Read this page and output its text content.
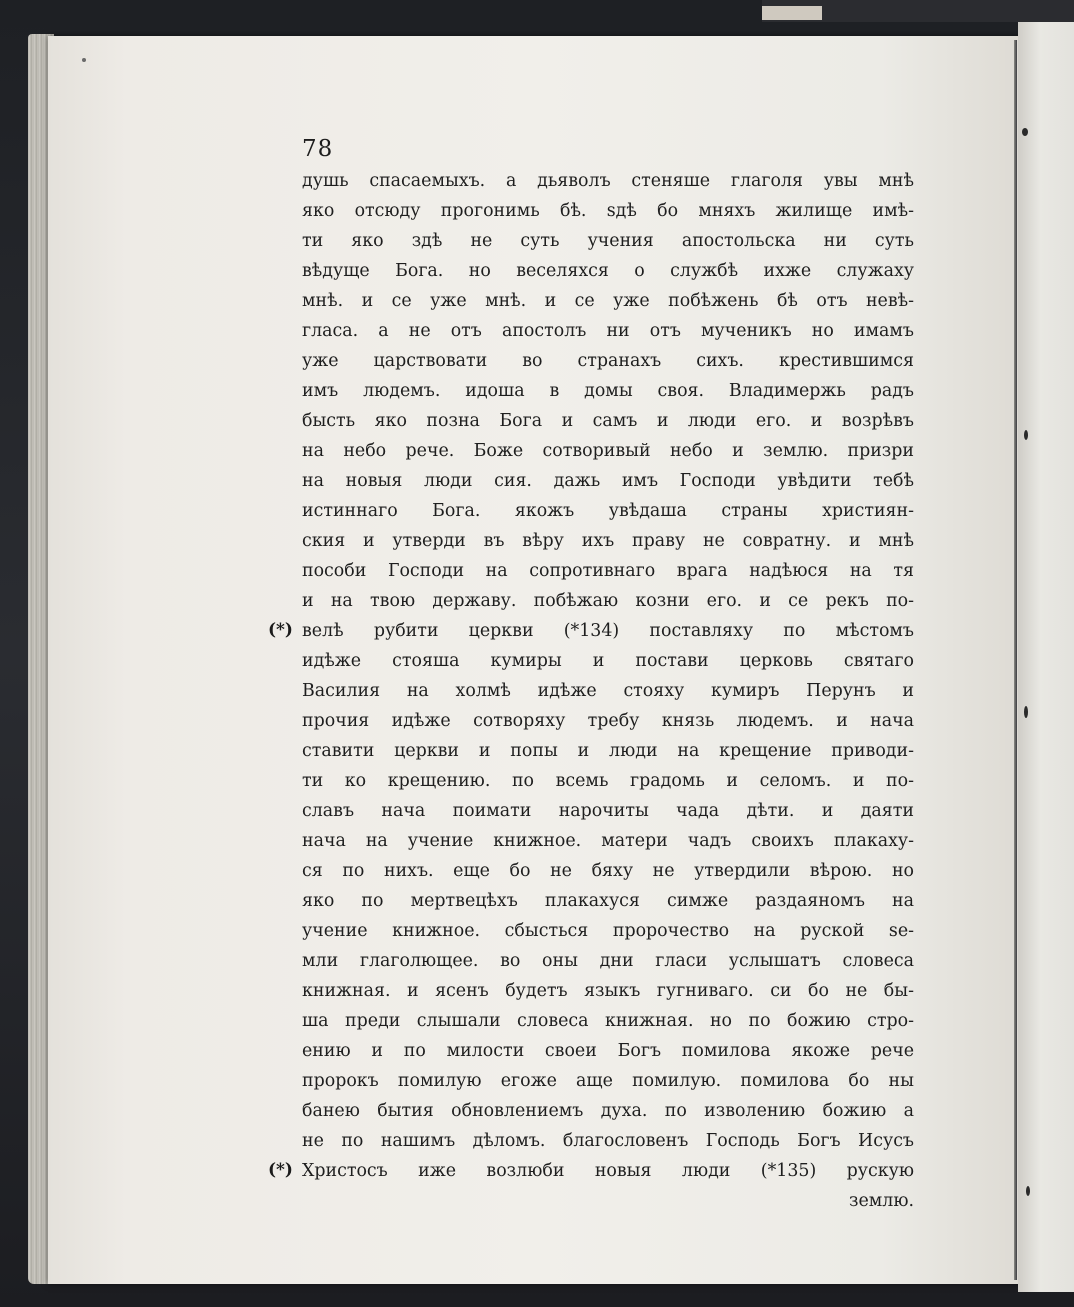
78
душь спасаемыхъ. а дьяволъ стеняше глаголя увы мнѣ
яко отсюду прогонимь бѣ. ѕдѣ бо мняхъ жилище имѣ-
ти яко здѣ не суть учения апостольска ни суть
вѣдуще Бога. но веселяхся о службѣ ихже служаху
мнѣ. и се уже мнѣ. и се уже побѣжень бѣ отъ невѣ-
гласа. а не отъ апостолъ ни отъ мученикъ но имамъ
уже царствовати во странахъ сихъ. крестившимся
имъ людемъ. идоша в домы своя. Владимержь радъ
бысть яко позна Бога и самъ и люди его. и возрѣвъ
на небо рече. Боже сотворивый небо и землю. призри
на новыя люди сия. дажь имъ Господи увѣдити тебѣ
истиннаго Бога. якожъ увѣдаша страны християн-
ския и утверди въ вѣру ихъ праву не совратну. и мнѣ
пособи Господи на сопротивнаго врага надѣюся на тя
и на твою державу. побѣжаю козни его. и се рекъ по-
велѣ рубити церкви (*134) поставляху по мѣстомъ
идѣже стояша кумиры и постави церковь святаго
Василия на холмѣ идѣже стояху кумиръ Перунъ и
прочия идѣже сотворяху требу князь людемъ. и нача
ставити церкви и попы и люди на крещение приводи-
ти ко крещению. по всемь градомь и селомъ. и по-
славъ нача поимати нарочиты чада дѣти. и даяти
нача на учение книжное. матери чадъ своихъ плакаху-
ся по нихъ. еще бо не бяху не утвердили вѣрою. но
яко по мертвецѣхъ плакахуся симже раздаяномъ на
учение книжное. сбысться пророчество на руской ѕе-
мли глаголющее. во оны дни гласи услышатъ словеса
книжная. и ясенъ будетъ языкъ гугниваго. си бо не бы-
ша преди слышали словеса книжная. но по божию стро-
ению и по милости своеи Богъ помилова якоже рече
пророкъ помилую егоже аще помилую. помилова бо ны
банею бытия обновлениемъ духа. по изволению божию а
не по нашимъ дѣломъ. благословенъ Господь Богъ Исусъ
Христосъ иже возлюби новыя люди (*135) рускую
землю.
(*)
(*)
